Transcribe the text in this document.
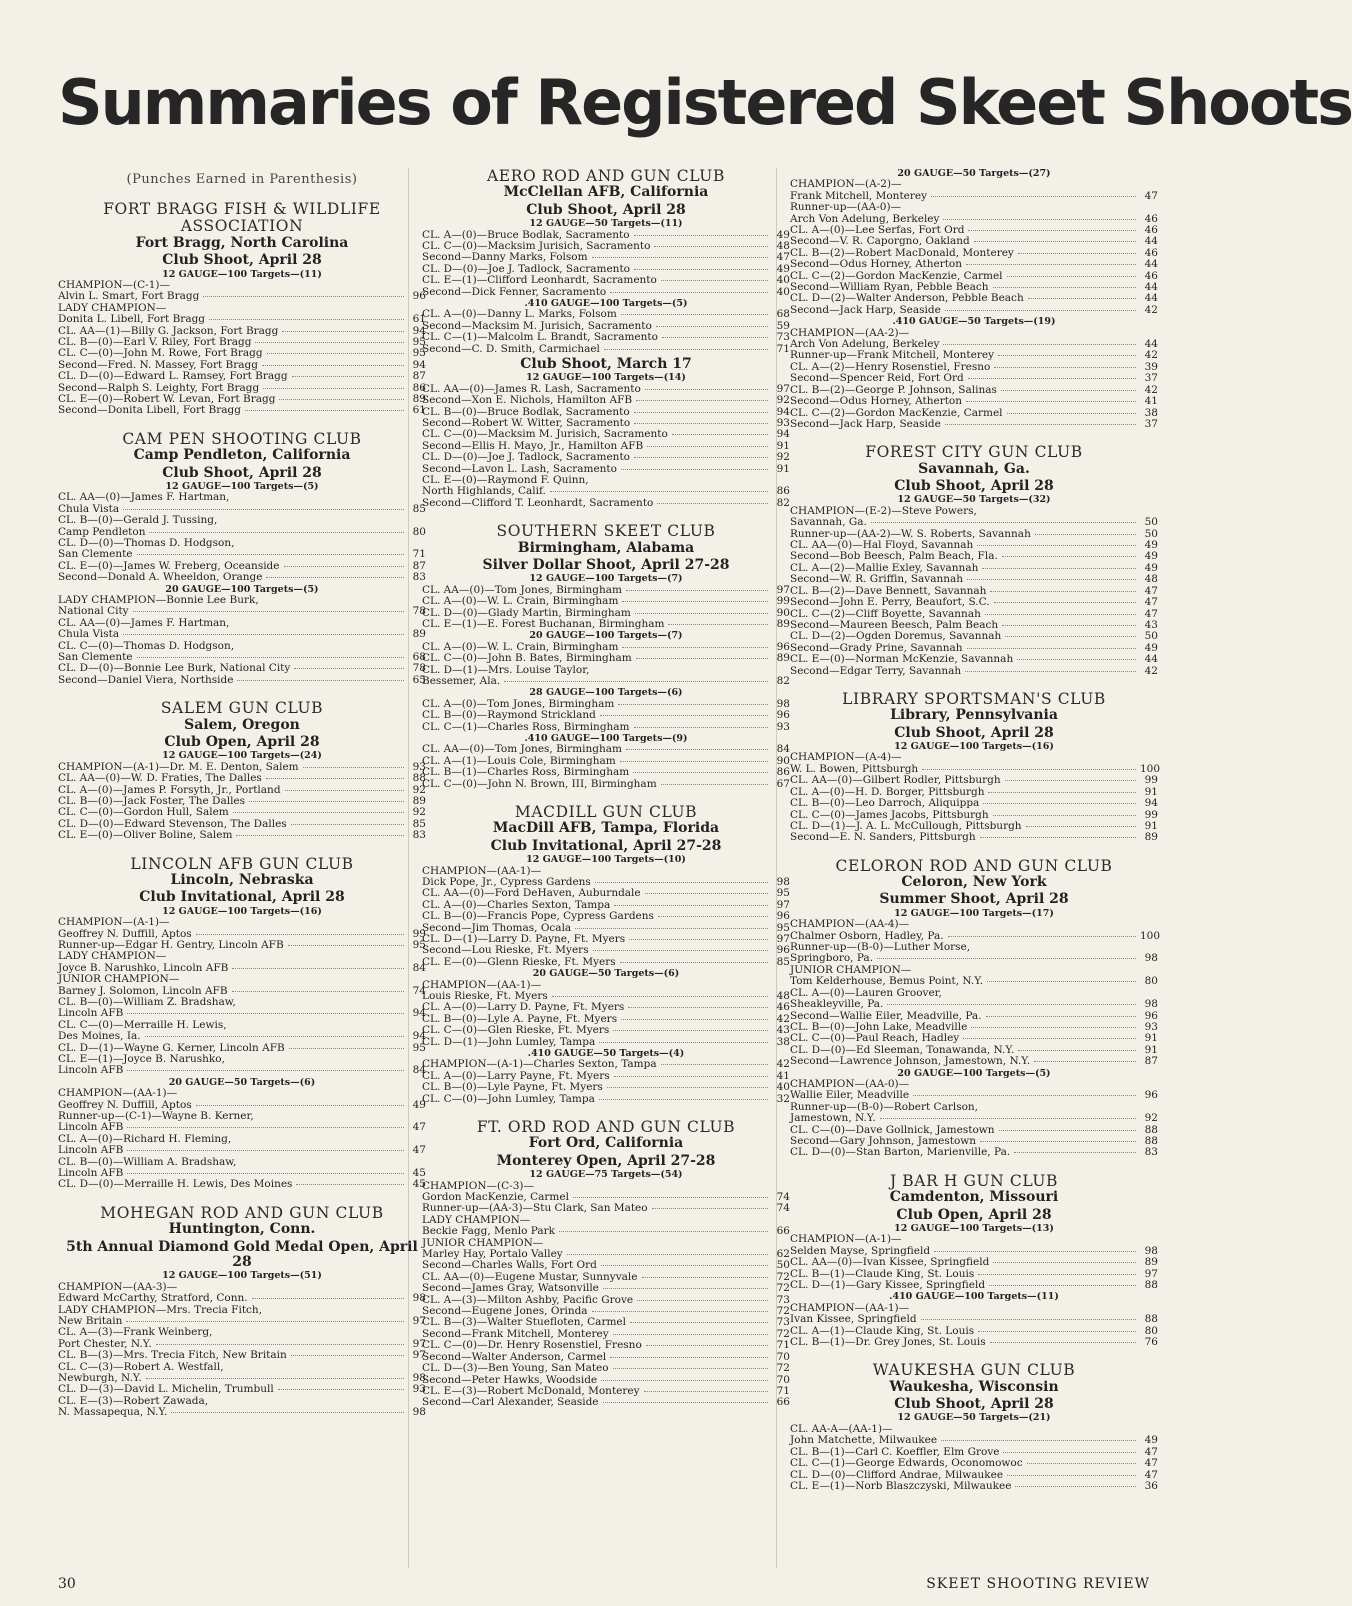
Summaries of Registered Skeet Shoots
(Punches Earned in Parenthesis)
FORT BRAGG FISH & WILDLIFE ASSOCIATION
Fort Bragg, North Carolina
Club Shoot, April 28
12 GAUGE—100 Targets—(11)
CHAMPION—(C-1)—
Alvin L. Smart, Fort Bragg	96
LADY CHAMPION—
Donita L. Libell, Fort Bragg	61
CL. AA—(1)—Billy G. Jackson, Fort Bragg	94
CL. B—(0)—Earl V. Riley, Fort Bragg	95
CL. C—(0)—John M. Rowe, Fort Bragg	95
Second—Fred. N. Massey, Fort Bragg	94
CL. D—(0)—Edward L. Ramsey, Fort Bragg	87
Second—Ralph S. Leighty, Fort Bragg	86
CL. E—(0)—Robert W. Levan, Fort Bragg	89
Second—Donita Libell, Fort Bragg	61
CAM PEN SHOOTING CLUB
Camp Pendleton, California
Club Shoot, April 28
12 GAUGE—100 Targets—(5)
CL. AA—(0)—James F. Hartman,
Chula Vista	85
CL. B—(0)—Gerald J. Tussing,
Camp Pendleton	80
CL. D—(0)—Thomas D. Hodgson,
San Clemente	71
CL. E—(0)—James W. Freberg, Oceanside	87
Second—Donald A. Wheeldon, Orange	83
20 GAUGE—100 Targets—(5)
LADY CHAMPION—Bonnie Lee Burk,
National City	78
CL. AA—(0)—James F. Hartman,
Chula Vista	89
CL. C—(0)—Thomas D. Hodgson,
San Clemente	68
CL. D—(0)—Bonnie Lee Burk, National City	78
Second—Daniel Viera, Northside	65
SALEM GUN CLUB
Salem, Oregon
Club Open, April 28
12 GAUGE—100 Targets—(24)
CHAMPION—(A-1)—Dr. M. E. Denton, Salem	93
CL. AA—(0)—W. D. Fraties, The Dalles	88
CL. A—(0)—James P. Forsyth, Jr., Portland	92
CL. B—(0)—Jack Foster, The Dalles	89
CL. C—(0)—Gordon Hull, Salem	92
CL. D—(0)—Edward Stevenson, The Dalles	85
CL. E—(0)—Oliver Boline, Salem	83
LINCOLN AFB GUN CLUB
Lincoln, Nebraska
Club Invitational, April 28
12 GAUGE—100 Targets—(16)
CHAMPION—(A-1)—
Geoffrey N. Duffill, Aptos	99
Runner-up—Edgar H. Gentry, Lincoln AFB	95
LADY CHAMPION—
Joyce B. Narushko, Lincoln AFB	84
JUNIOR CHAMPION—
Barney J. Solomon, Lincoln AFB	74
CL. B—(0)—William Z. Bradshaw,
Lincoln AFB	94
CL. C—(0)—Merraille H. Lewis,
Des Moines, Ia.	94
CL. D—(1)—Wayne G. Kerner, Lincoln AFB	95
CL. E—(1)—Joyce B. Narushko,
Lincoln AFB	84
20 GAUGE—50 Targets—(6)
CHAMPION—(AA-1)—
Geoffrey N. Duffill, Aptos	49
Runner-up—(C-1)—Wayne B. Kerner,
Lincoln AFB	47
CL. A—(0)—Richard H. Fleming,
Lincoln AFB	47
CL. B—(0)—William A. Bradshaw,
Lincoln AFB	45
CL. D—(0)—Merraille H. Lewis, Des Moines	45
MOHEGAN ROD AND GUN CLUB
Huntington, Conn.
5th Annual Diamond Gold Medal Open, April 28
12 GAUGE—100 Targets—(51)
CHAMPION—(AA-3)—
Edward McCarthy, Stratford, Conn.	98
LADY CHAMPION—Mrs. Trecia Fitch,
New Britain	97
CL. A—(3)—Frank Weinberg,
Port Chester, N.Y.	97
CL. B—(3)—Mrs. Trecia Fitch, New Britain	97
CL. C—(3)—Robert A. Westfall,
Newburgh, N.Y.	98
CL. D—(3)—David L. Michelin, Trumbull	93
CL. E—(3)—Robert Zawada,
N. Massapequa, N.Y.	98
AERO ROD AND GUN CLUB
McClellan AFB, California
Club Shoot, April 28
12 GAUGE—50 Targets—(11)
CL. A—(0)—Bruce Bodlak, Sacramento	49
CL. C—(0)—Macksim Jurisich, Sacramento	48
Second—Danny Marks, Folsom	47
CL. D—(0)—Joe J. Tadlock, Sacramento	49
CL. E—(1)—Clifford Leonhardt, Sacramento	40
Second—Dick Fenner, Sacramento	40
.410 GAUGE—100 Targets—(5)
CL. A—(0)—Danny L. Marks, Folsom	68
Second—Macksim M. Jurisich, Sacramento	59
CL. C—(1)—Malcolm L. Brandt, Sacramento	73
Second—C. D. Smith, Carmichael	71
Club Shoot, March 17
12 GAUGE—100 Targets—(14)
CL. AA—(0)—James R. Lash, Sacramento	97
Second—Xon E. Nichols, Hamilton AFB	92
CL. B—(0)—Bruce Bodlak, Sacramento	94
Second—Robert W. Witter, Sacramento	93
CL. C—(0)—Macksim M. Jurisich, Sacramento	94
Second—Ellis H. Mayo, Jr., Hamilton AFB	91
CL. D—(0)—Joe J. Tadlock, Sacramento	92
Second—Lavon L. Lash, Sacramento	91
CL. E—(0)—Raymond F. Quinn,
North Highlands, Calif.	86
Second—Clifford T. Leonhardt, Sacramento	82
SOUTHERN SKEET CLUB
Birmingham, Alabama
Silver Dollar Shoot, April 27-28
12 GAUGE—100 Targets—(7)
CL. AA—(0)—Tom Jones, Birmingham	97
CL. A—(0)—W. L. Crain, Birmingham	99
CL. D—(0)—Glady Martin, Birmingham	90
CL. E—(1)—E. Forest Buchanan, Birmingham	89
20 GAUGE—100 Targets—(7)
CL. A—(0)—W. L. Crain, Birmingham	96
CL. C—(0)—John B. Bates, Birmingham	89
CL. D—(1)—Mrs. Louise Taylor,
Bessemer, Ala.	82
28 GAUGE—100 Targets—(6)
CL. A—(0)—Tom Jones, Birmingham	98
CL. B—(0)—Raymond Strickland	96
CL. C—(1)—Charles Ross, Birmingham	93
.410 GAUGE—100 Targets—(9)
CL. AA—(0)—Tom Jones, Birmingham	84
CL. A—(1)—Louis Cole, Birmingham	90
CL. B—(1)—Charles Ross, Birmingham	86
CL. C—(0)—John N. Brown, III, Birmingham	67
MACDILL GUN CLUB
MacDill AFB, Tampa, Florida
Club Invitational, April 27-28
12 GAUGE—100 Targets—(10)
CHAMPION—(AA-1)—
Dick Pope, Jr., Cypress Gardens	98
CL. AA—(0)—Ford DeHaven, Auburndale	95
CL. A—(0)—Charles Sexton, Tampa	97
CL. B—(0)—Francis Pope, Cypress Gardens	96
Second—Jim Thomas, Ocala	95
CL. D—(1)—Larry D. Payne, Ft. Myers	97
Second—Lou Rieske, Ft. Myers	96
CL. E—(0)—Glenn Rieske, Ft. Myers	85
20 GAUGE—50 Targets—(6)
CHAMPION—(AA-1)—
Louis Rieske, Ft. Myers	48
CL. A—(0)—Larry D. Payne, Ft. Myers	46
CL. B—(0)—Lyle A. Payne, Ft. Myers	42
CL. C—(0)—Glen Rieske, Ft. Myers	43
CL. D—(1)—John Lumley, Tampa	38
.410 GAUGE—50 Targets—(4)
CHAMPION—(A-1)—Charles Sexton, Tampa	42
CL. A—(0)—Larry Payne, Ft. Myers	41
CL. B—(0)—Lyle Payne, Ft. Myers	40
CL. C—(0)—John Lumley, Tampa	32
FT. ORD ROD AND GUN CLUB
Fort Ord, California
Monterey Open, April 27-28
12 GAUGE—75 Targets—(54)
CHAMPION—(C-3)—
Gordon MacKenzie, Carmel	74
Runner-up—(AA-3)—Stu Clark, San Mateo	74
LADY CHAMPION—
Beckie Fagg, Menlo Park	66
JUNIOR CHAMPION—
Marley Hay, Portalo Valley	62
Second—Charles Walls, Fort Ord	50
CL. AA—(0)—Eugene Mustar, Sunnyvale	72
Second—James Gray, Watsonville	72
CL. A—(3)—Milton Ashby, Pacific Grove	73
Second—Eugene Jones, Orinda	72
CL. B—(3)—Walter Stuefloten, Carmel	73
Second—Frank Mitchell, Monterey	72
CL. C—(0)—Dr. Henry Rosenstiel, Fresno	71
Second—Walter Anderson, Carmel	70
CL. D—(3)—Ben Young, San Mateo	72
Second—Peter Hawks, Woodside	70
CL. E—(3)—Robert McDonald, Monterey	71
Second—Carl Alexander, Seaside	66
20 GAUGE—50 Targets—(27)
CHAMPION—(A-2)—
Frank Mitchell, Monterey	47
Runner-up—(AA-0)—
Arch Von Adelung, Berkeley	46
CL. A—(0)—Lee Serfas, Fort Ord	46
Second—V. R. Caporgno, Oakland	44
CL. B—(2)—Robert MacDonald, Monterey	46
Second—Odus Horney, Atherton	44
CL. C—(2)—Gordon MacKenzie, Carmel	46
Second—William Ryan, Pebble Beach	44
CL. D—(2)—Walter Anderson, Pebble Beach	44
Second—Jack Harp, Seaside	42
.410 GAUGE—50 Targets—(19)
CHAMPION—(AA-2)—
Arch Von Adelung, Berkeley	44
Runner-up—Frank Mitchell, Monterey	42
CL. A—(2)—Henry Rosenstiel, Fresno	39
Second—Spencer Reid, Fort Ord	37
CL. B—(2)—George P. Johnson, Salinas	42
Second—Odus Horney, Atherton	41
CL. C—(2)—Gordon MacKenzie, Carmel	38
Second—Jack Harp, Seaside	37
FOREST CITY GUN CLUB
Savannah, Ga.
Club Shoot, April 28
12 GAUGE—50 Targets—(32)
CHAMPION—(E-2)—Steve Powers,
Savannah, Ga.	50
Runner-up—(AA-2)—W. S. Roberts, Savannah	50
CL. AA—(0)—Hal Floyd, Savannah	49
Second—Bob Beesch, Palm Beach, Fla.	49
CL. A—(2)—Mallie Exley, Savannah	49
Second—W. R. Griffin, Savannah	48
CL. B—(2)—Dave Bennett, Savannah	47
Second—John E. Perry, Beaufort, S.C.	47
CL. C—(2)—Cliff Boyette, Savannah	47
Second—Maureen Beesch, Palm Beach	43
CL. D—(2)—Ogden Doremus, Savannah	50
Second—Grady Prine, Savannah	49
CL. E—(0)—Norman McKenzie, Savannah	44
Second—Edgar Terry, Savannah	42
LIBRARY SPORTSMAN'S CLUB
Library, Pennsylvania
Club Shoot, April 28
12 GAUGE—100 Targets—(16)
CHAMPION—(A-4)—
W. L. Bowen, Pittsburgh	100
CL. AA—(0)—Gilbert Rodler, Pittsburgh	99
CL. A—(0)—H. D. Borger, Pittsburgh	91
CL. B—(0)—Leo Darroch, Aliquippa	94
CL. C—(0)—James Jacobs, Pittsburgh	99
CL. D—(1)—J. A. L. McCullough, Pittsburgh	91
Second—E. N. Sanders, Pittsburgh	89
CELORON ROD AND GUN CLUB
Celoron, New York
Summer Shoot, April 28
12 GAUGE—100 Targets—(17)
CHAMPION—(AA-4)—
Chalmer Osborn, Hadley, Pa.	100
Runner-up—(B-0)—Luther Morse,
Springboro, Pa.	98
JUNIOR CHAMPION—
Tom Kelderhouse, Bemus Point, N.Y.	80
CL. A—(0)—Lauren Groover,
Sheakleyville, Pa.	98
Second—Wallie Eiler, Meadville, Pa.	96
CL. B—(0)—John Lake, Meadville	93
CL. C—(0)—Paul Reach, Hadley	91
CL. D—(0)—Ed Sleeman, Tonawanda, N.Y.	91
Second—Lawrence Johnson, Jamestown, N.Y.	87
20 GAUGE—100 Targets—(5)
CHAMPION—(AA-0)—
Wallie Eiler, Meadville	96
Runner-up—(B-0)—Robert Carlson,
Jamestown, N.Y.	92
CL. C—(0)—Dave Gollnick, Jamestown	88
Second—Gary Johnson, Jamestown	88
CL. D—(0)—Stan Barton, Marienville, Pa.	83
J BAR H GUN CLUB
Camdenton, Missouri
Club Open, April 28
12 GAUGE—100 Targets—(13)
CHAMPION—(A-1)—
Selden Mayse, Springfield	98
CL. AA—(0)—Ivan Kissee, Springfield	89
CL. B—(1)—Claude King, St. Louis	97
CL. D—(1)—Gary Kissee, Springfield	88
.410 GAUGE—100 Targets—(11)
CHAMPION—(AA-1)—
Ivan Kissee, Springfield	88
CL. A—(1)—Claude King, St. Louis	80
CL. B—(1)—Dr. Grey Jones, St. Louis	76
WAUKESHA GUN CLUB
Waukesha, Wisconsin
Club Shoot, April 28
12 GAUGE—50 Targets—(21)
CL. AA-A—(AA-1)—
John Matchette, Milwaukee	49
CL. B—(1)—Carl C. Koeffler, Elm Grove	47
CL. C—(1)—George Edwards, Oconomowoc	47
CL. D—(0)—Clifford Andrae, Milwaukee	47
CL. E—(1)—Norb Blaszczyski, Milwaukee	36
30	SKEET SHOOTING REVIEW
